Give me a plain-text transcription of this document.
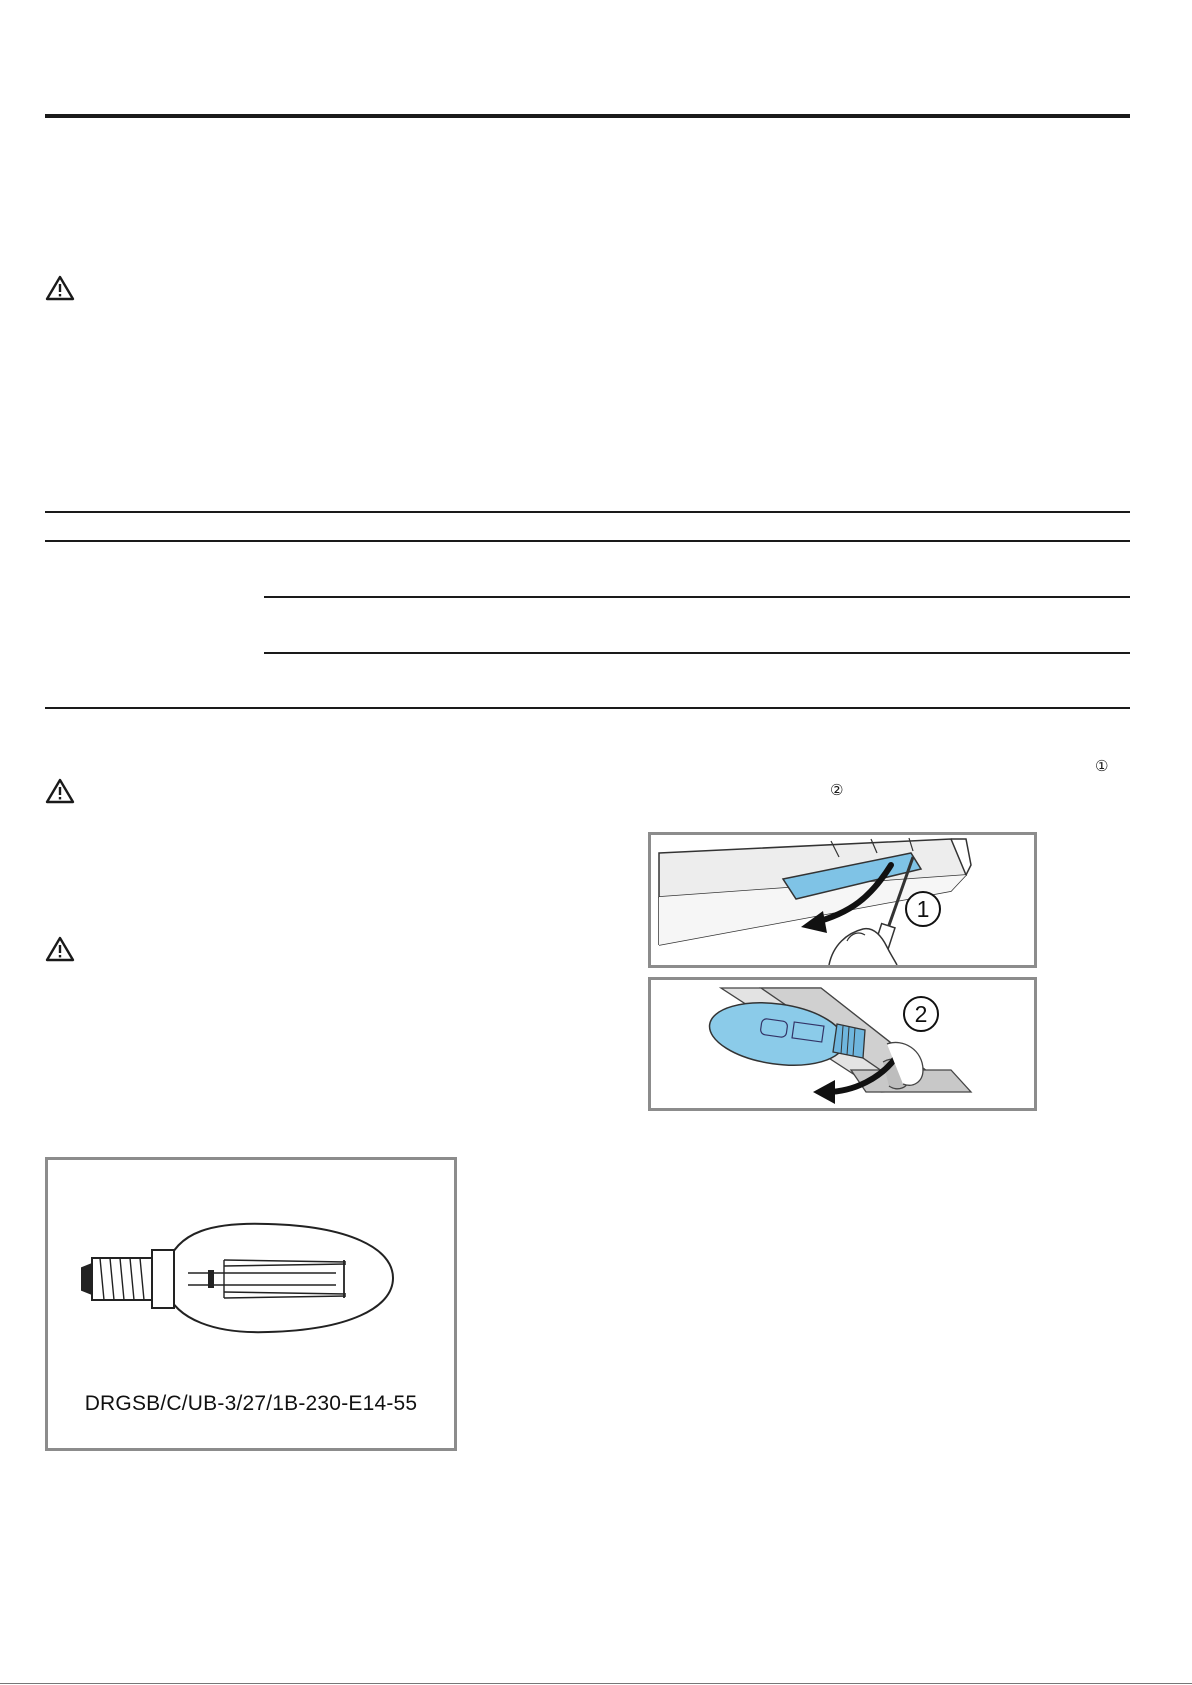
①
②
1
2
DRGSB/C/UB-3/27/1B-230-E14-55
